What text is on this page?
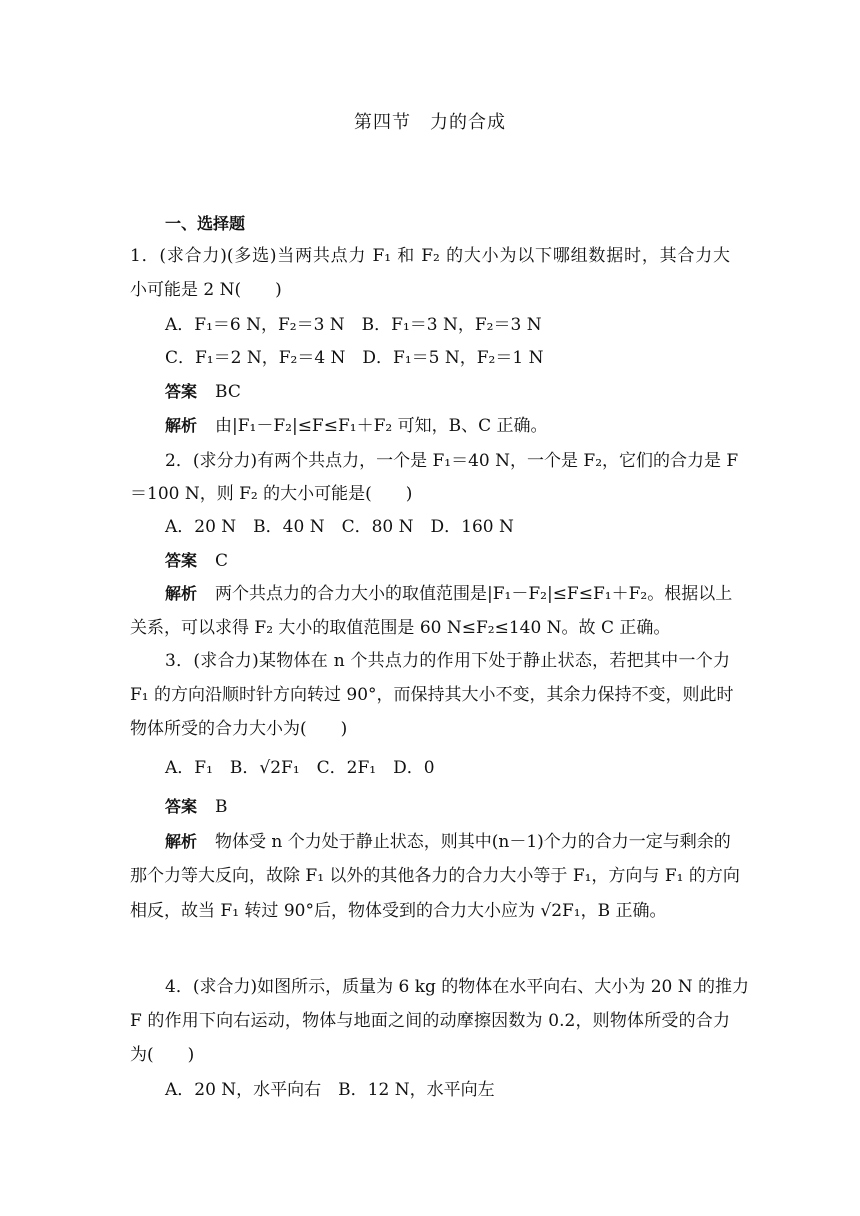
第四节　力的合成
一、选择题
1．(求合力)(多选)当两共点力 F₁ 和 F₂ 的大小为以下哪组数据时，其合力大
小可能是 2 N(　　)
A．F₁＝6 N，F₂＝3 N　B．F₁＝3 N，F₂＝3 N
C．F₁＝2 N，F₂＝4 N　D．F₁＝5 N，F₂＝1 N
答案 BC
解析 由|F₁－F₂|≤F≤F₁＋F₂ 可知，B、C 正确。
2．(求分力)有两个共点力，一个是 F₁＝40 N，一个是 F₂，它们的合力是 F
＝100 N，则 F₂ 的大小可能是(　　)
A．20 N　B．40 N　C．80 N　D．160 N
答案 C
解析 两个共点力的合力大小的取值范围是|F₁－F₂|≤F≤F₁＋F₂。根据以上
关系，可以求得 F₂ 大小的取值范围是 60 N≤F₂≤140 N。故 C 正确。
3．(求合力)某物体在 n 个共点力的作用下处于静止状态，若把其中一个力
F₁ 的方向沿顺时针方向转过 90°，而保持其大小不变，其余力保持不变，则此时
物体所受的合力大小为(　　)
A．F₁　B．√2F₁　C．2F₁　D．0
答案 B
解析 物体受 n 个力处于静止状态，则其中(n－1)个力的合力一定与剩余的
那个力等大反向，故除 F₁ 以外的其他各力的合力大小等于 F₁，方向与 F₁ 的方向
相反，故当 F₁ 转过 90°后，物体受到的合力大小应为 √2F₁，B 正确。
4．(求合力)如图所示，质量为 6 kg 的物体在水平向右、大小为 20 N 的推力
F 的作用下向右运动，物体与地面之间的动摩擦因数为 0.2，则物体所受的合力
为(　　)
A．20 N，水平向右　B．12 N，水平向左
